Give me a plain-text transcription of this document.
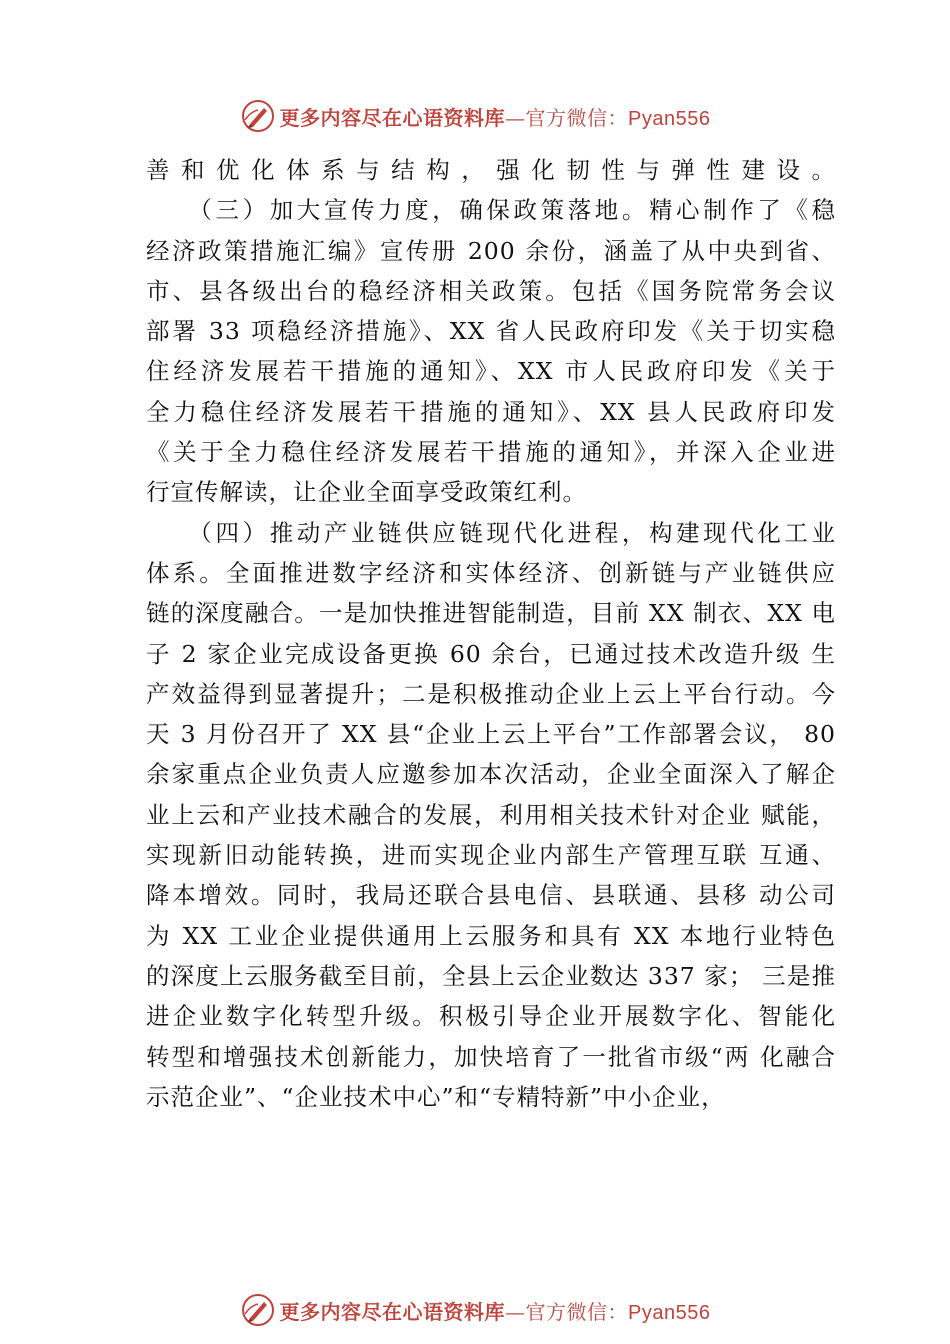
更多内容尽在心语资料库—官方微信：Pyan556
善和优化体系与结构，强化韧性与弹性建设。
　　（三）加大宣传力度，确保政策落地。精心制作了《稳
经济政策措施汇编》宣传册 200 余份，涵盖了从中央到省、
市、县各级出台的稳经济相关政策。包括《国务院常务会议
部署 33 项稳经济措施》、XX 省人民政府印发《关于切实稳
住经济发展若干措施的通知》、XX 市人民政府印发《关于
全力稳住经济发展若干措施的通知》、XX 县人民政府印发
《关于全力稳住经济发展若干措施的通知》，并深入企业进
行宣传解读，让企业全面享受政策红利。
　　（四）推动产业链供应链现代化进程，构建现代化工业
体系。全面推进数字经济和实体经济、创新链与产业链供应
链的深度融合。一是加快推进智能制造，目前 XX 制衣、XX 电
子 2 家企业完成设备更换 60 余台，已通过技术改造升级 生
产效益得到显著提升；二是积极推动企业上云上平台行动。今
天 3 月份召开了 XX 县“企业上云上平台”工作部署会议， 80
余家重点企业负责人应邀参加本次活动，企业全面深入了解企
业上云和产业技术融合的发展，利用相关技术针对企业 赋能，
实现新旧动能转换，进而实现企业内部生产管理互联 互通、
降本增效。同时，我局还联合县电信、县联通、县移 动公司
为 XX 工业企业提供通用上云服务和具有 XX 本地行业特色
的深度上云服务截至目前，全县上云企业数达 337 家； 三是推
进企业数字化转型升级。积极引导企业开展数字化、智能化
转型和增强技术创新能力，加快培育了一批省市级“两 化融合
示范企业”、“企业技术中心”和“专精特新”中小企业，
更多内容尽在心语资料库—官方微信：Pyan556
